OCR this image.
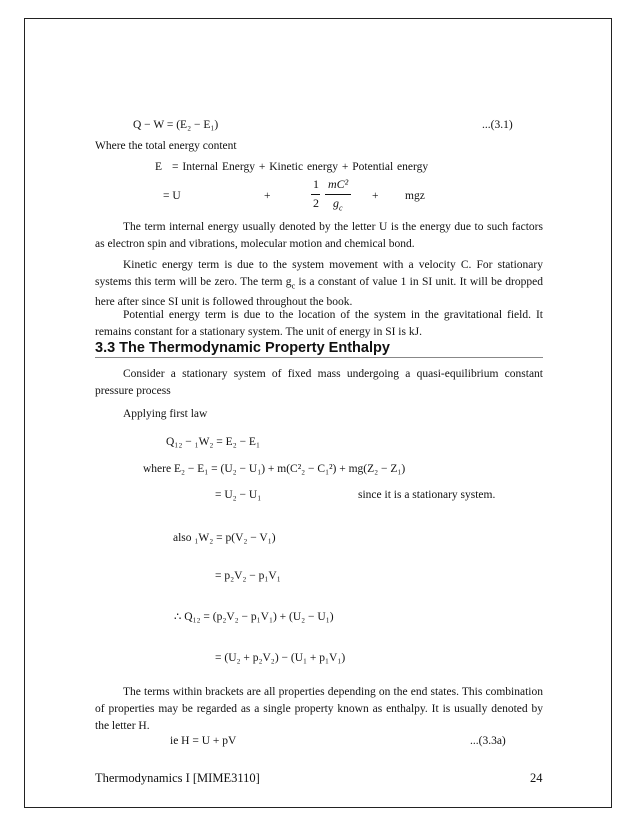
Q − W = (E₂ − E₁)	...(3.1)
Where the total energy content
E = Internal Energy + Kinetic energy + Potential energy
= U	+
1
2
mC²
$g_c$
+ mgz
The term internal energy usually denoted by the letter U is the energy due to such factors as electron spin and vibrations, molecular motion and chemical bond.
Kinetic energy term is due to the system movement with a velocity C. For stationary systems this term will be zero. The term $g_c$ is a constant of value 1 in SI unit. It will be dropped here after since SI unit is followed throughout the book.
Potential energy term is due to the location of the system in the gravitational field. It remains constant for a stationary system. The unit of energy in SI is kJ.
3.3 The Thermodynamic Property Enthalpy
Consider a stationary system of fixed mass undergoing a quasi-equilibrium constant pressure process
Applying first law
Q₁₂ − ₁W₂ = E₂ − E₁
where E₂ − E₁ = (U₂ − U₁) + m(C²₂ − C₁²) + mg(Z₂ − Z₁)
= U₂ − U₁	since it is a stationary system.
also ₁W₂ = p(V₂ − V₁)
= p₂V₂ − p₁V₁
∴ Q₁₂ = (p₂V₂ − p₁V₁) + (U₂ − U₁)
= (U₂ + p₂V₂) − (U₁ + p₁V₁)
The terms within brackets are all properties depending on the end states. This combination of properties may be regarded as a single property known as enthalpy. It is usually denoted by the letter H.
ie H = U + pV	...(3.3a)
Thermodynamics I [MIME3110]	24
